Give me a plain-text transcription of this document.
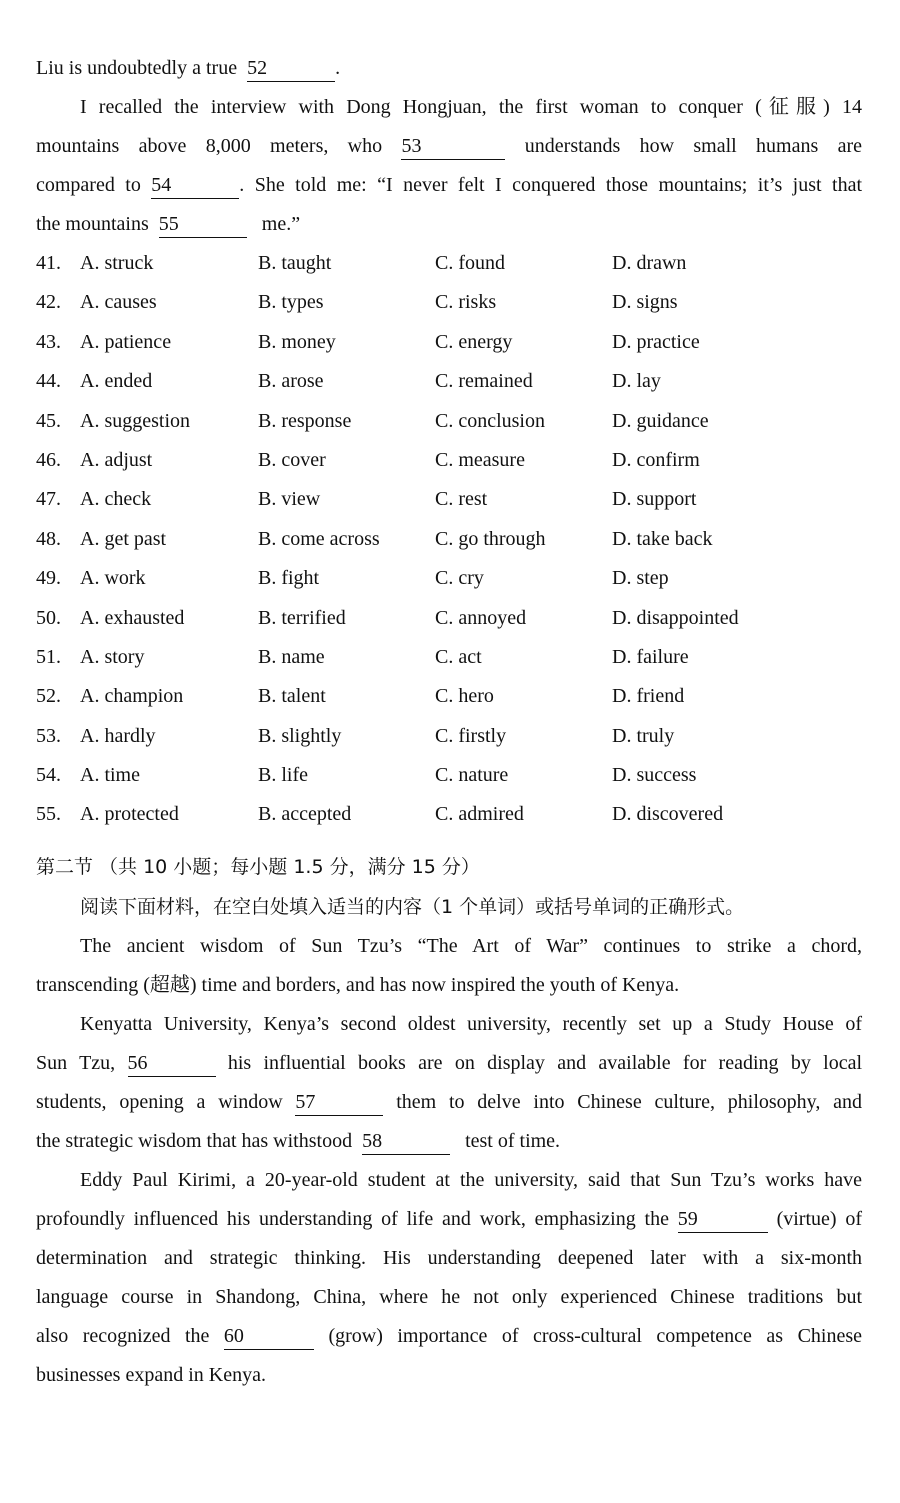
Liu is undoubtedly a true 52	.
I recalled the interview with Dong Hongjuan, the first woman to conquer (征服) 14
mountains above 8,000 meters, who 53	understands how small humans are
compared to 54	. She told me: “I never felt I conquered those mountains; it’s just that
the mountains 55	me.”
41. A. struck	B. taught	C. found	D. drawn
42. A. causes	B. types	C. risks	D. signs
43. A. patience	B. money	C. energy	D. practice
44. A. ended	B. arose	C. remained	D. lay
45. A. suggestion	B. response	C. conclusion	D. guidance
46. A. adjust	B. cover	C. measure	D. confirm
47. A. check	B. view	C. rest	D. support
48. A. get past	B. come across	C. go through	D. take back
49. A. work	B. fight	C. cry	D. step
50. A. exhausted	B. terrified	C. annoyed	D. disappointed
51. A. story	B. name	C. act	D. failure
52. A. champion	B. talent	C. hero	D. friend
53. A. hardly	B. slightly	C. firstly	D. truly
54. A. time	B. life	C. nature	D. success
55. A. protected	B. accepted	C. admired	D. discovered
第二节 （共 10 小题；每小题 1.5 分，满分 15 分）
阅读下面材料，在空白处填入适当的内容（1 个单词）或括号单词的正确形式。
The ancient wisdom of Sun Tzu’s “The Art of War” continues to strike a chord,
transcending (超越) time and borders, and has now inspired the youth of Kenya.
Kenyatta University, Kenya’s second oldest university, recently set up a Study House of
Sun Tzu, 56	his influential books are on display and available for reading by local
students, opening a window 57	them to delve into Chinese culture, philosophy, and
the strategic wisdom that has withstood 58	test of time.
Eddy Paul Kirimi, a 20-year-old student at the university, said that Sun Tzu’s works have
profoundly influenced his understanding of life and work, emphasizing the 59	(virtue) of
determination and strategic thinking. His understanding deepened later with a six-month
language course in Shandong, China, where he not only experienced Chinese traditions but
also recognized the 60	(grow) importance of cross-cultural competence as Chinese
businesses expand in Kenya.
